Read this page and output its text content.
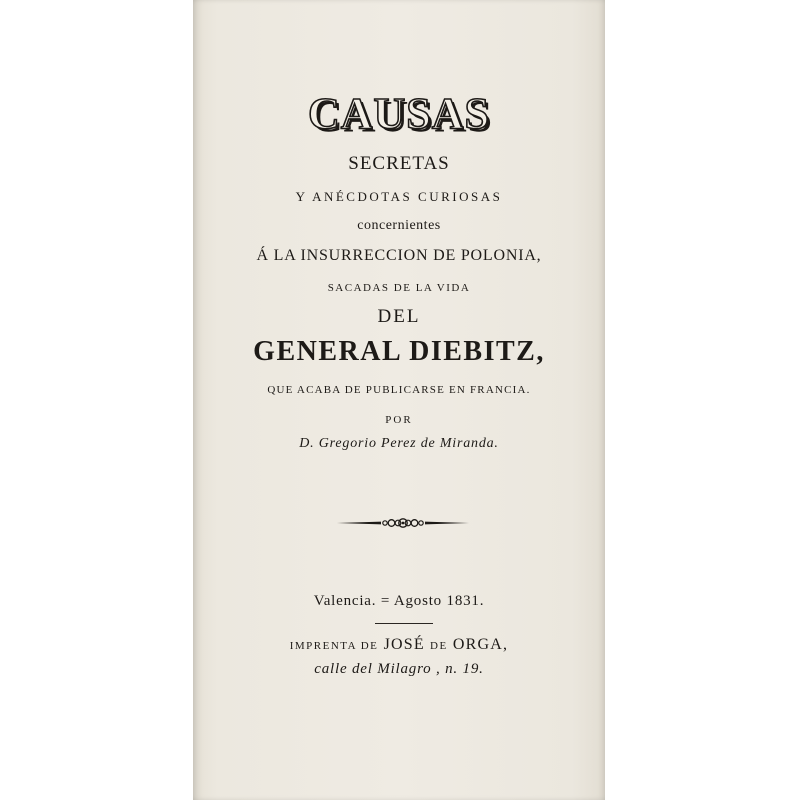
CAUSAS
SECRETAS
Y ANÉCDOTAS CURIOSAS
concernientes
Á LA INSURRECCION DE POLONIA,
SACADAS DE LA VIDA
DEL
GENERAL DIEBITZ,
QUE ACABA DE PUBLICARSE EN FRANCIA.
POR
D. Gregorio Perez de Miranda.
Valencia. = Agosto 1831.
IMPRENTA DE JOSÉ DE ORGA,
calle del Milagro , n. 19.
